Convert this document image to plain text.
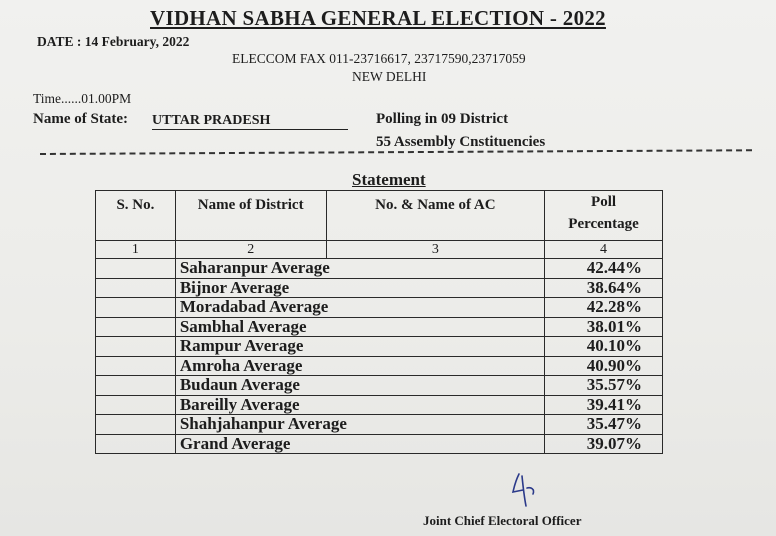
VIDHAN SABHA GENERAL ELECTION - 2022
DATE : 14 February, 2022
ELECCOM FAX 011-23716617, 23717590,23717059
NEW DELHI
Time......01.00PM
Name of State: UTTAR PRADESH	Polling in 09 District
55 Assembly Cnstituencies
Statement
S. No.	Name of District	No. & Name of AC	Poll Percentage
1	2	3	4
	Saharanpur Average		42.44%
	Bijnor Average		38.64%
	Moradabad Average		42.28%
	Sambhal Average		38.01%
	Rampur Average		40.10%
	Amroha Average		40.90%
	Budaun Average		35.57%
	Bareilly Average		39.41%
	Shahjahanpur Average		35.47%
	Grand Average		39.07%
Joint Chief Electoral Officer
